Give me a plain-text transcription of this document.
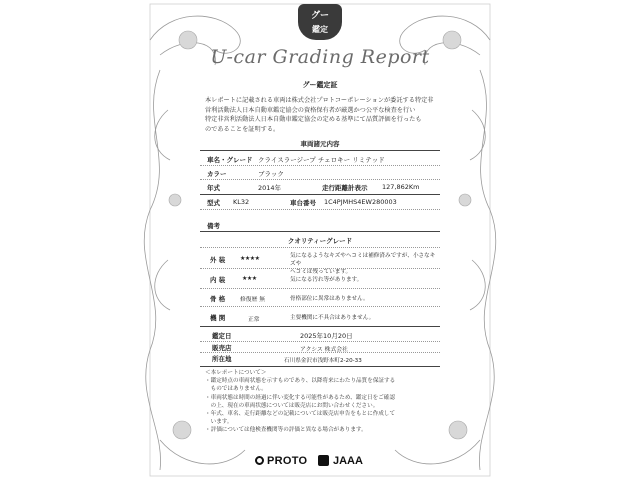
グー
鑑定
U-car Grading Report
グー鑑定証
本レポートに記載される車両は株式会社プロトコーポレーションが委託する特定非
営利活動法人日本自動車鑑定協会の資格保有者が厳選かつ公平な検査を行い
特定非営利活動法人日本自動車鑑定協会の定める基準にて品質評価を行ったも
のであることを証明する。
車両諸元内容
車名・グレード クライスラージープ チェロキー リミテッド
カラー	ブラック
年式	2014年	走行距離計表示 127,862Km
型式 KL32	車台番号 1C4PJMHS4EW280003
備考
クオリティーグレード
外 装 ★★★★	気になるようなキズやヘコミは補修済みですが、小さなキズや
ヘコミは残っています。
内 装	★★★	気になる汚れ等があります。
骨 格	修復歴 無	骨格部位に異常はありません。
機 関	正常	主要機関に不具合はありません。
鑑定日	2025年10月20日
販売店	アクシス 株式会社
所在地	石川県金沢市浅野本町2-20-33
＜本レポートについて＞
・鑑定時点の車両状態を示すものであり、以降将来にわたり品質を保証する
　ものではありません。
・車両状態は時間の経過に伴い変化する可能性があるため、鑑定日をご確認
　の上、現在の車両状態については販売店にお問い合わせください。
・年式、車名、走行距離などの記載については販売店申告をもとに作成して
　います。
・評価については他検査機関等の評価と異なる場合があります。
PROTO JAAA
